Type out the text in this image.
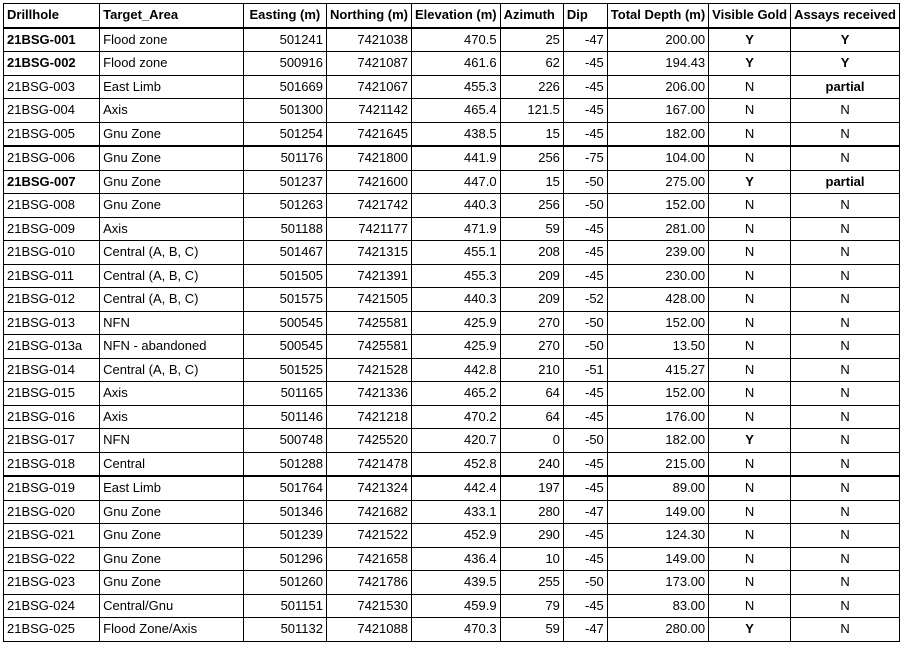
Drillhole	Target_Area	Easting (m)	Northing (m)	Elevation (m)	Azimuth	Dip	Total Depth (m)	Visible Gold	Assays received
21BSG-001	Flood zone	501241	7421038	470.5	25	-47	200.00	Y	Y
21BSG-002	Flood zone	500916	7421087	461.6	62	-45	194.43	Y	Y
21BSG-003	East Limb	501669	7421067	455.3	226	-45	206.00	N	partial
21BSG-004	Axis	501300	7421142	465.4	121.5	-45	167.00	N	N
21BSG-005	Gnu Zone	501254	7421645	438.5	15	-45	182.00	N	N
21BSG-006	Gnu Zone	501176	7421800	441.9	256	-75	104.00	N	N
21BSG-007	Gnu Zone	501237	7421600	447.0	15	-50	275.00	Y	partial
21BSG-008	Gnu Zone	501263	7421742	440.3	256	-50	152.00	N	N
21BSG-009	Axis	501188	7421177	471.9	59	-45	281.00	N	N
21BSG-010	Central (A, B, C)	501467	7421315	455.1	208	-45	239.00	N	N
21BSG-011	Central (A, B, C)	501505	7421391	455.3	209	-45	230.00	N	N
21BSG-012	Central (A, B, C)	501575	7421505	440.3	209	-52	428.00	N	N
21BSG-013	NFN	500545	7425581	425.9	270	-50	152.00	N	N
21BSG-013a	NFN - abandoned	500545	7425581	425.9	270	-50	13.50	N	N
21BSG-014	Central (A, B, C)	501525	7421528	442.8	210	-51	415.27	N	N
21BSG-015	Axis	501165	7421336	465.2	64	-45	152.00	N	N
21BSG-016	Axis	501146	7421218	470.2	64	-45	176.00	N	N
21BSG-017	NFN	500748	7425520	420.7	0	-50	182.00	Y	N
21BSG-018	Central	501288	7421478	452.8	240	-45	215.00	N	N
21BSG-019	East Limb	501764	7421324	442.4	197	-45	89.00	N	N
21BSG-020	Gnu Zone	501346	7421682	433.1	280	-47	149.00	N	N
21BSG-021	Gnu Zone	501239	7421522	452.9	290	-45	124.30	N	N
21BSG-022	Gnu Zone	501296	7421658	436.4	10	-45	149.00	N	N
21BSG-023	Gnu Zone	501260	7421786	439.5	255	-50	173.00	N	N
21BSG-024	Central/Gnu	501151	7421530	459.9	79	-45	83.00	N	N
21BSG-025	Flood Zone/Axis	501132	7421088	470.3	59	-47	280.00	Y	N
